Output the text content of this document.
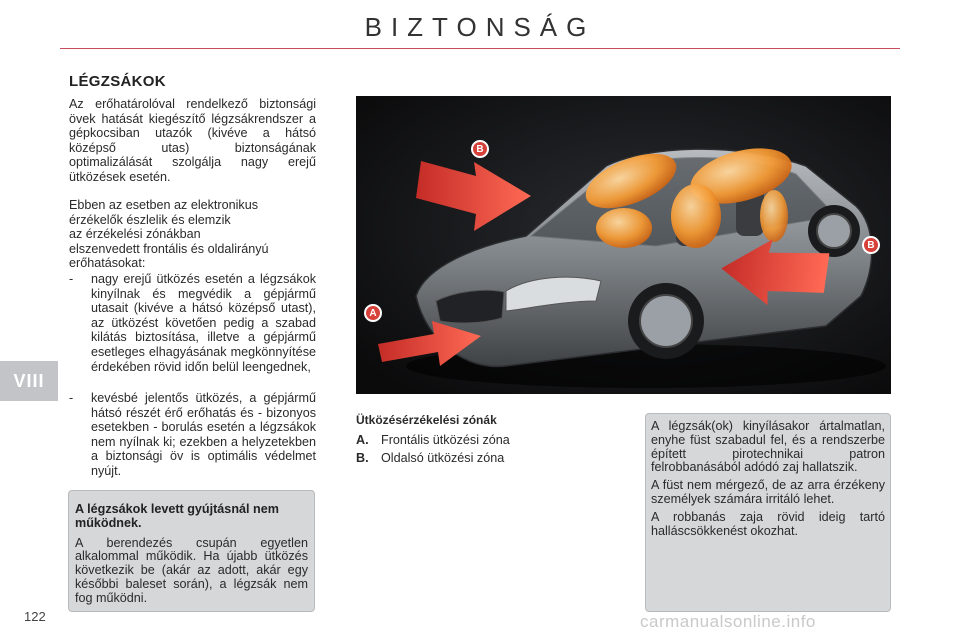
BIZTONSÁG
VIII
122
LÉGZSÁKOK

Az erőhatárolóval rendelkező biztonsági övek hatását kiegészítő légzsákrendszer a gépkocsiban utazók (kivéve a hátsó középső utas) biztonságának optimalizálását szolgálja nagy erejű ütközések esetén.

Ebben az esetben az elektronikus
érzékelők észlelik és elemzik
az érzékelési zónákban
elszenvedett frontális és oldalirányú
erőhatásokat:
- nagy erejű ütközés esetén a légzsákok kinyílnak és megvédik a gépjármű utasait (kivéve a hátsó középső utast), az ütközést követően pedig a szabad kilátás biztosítása, illetve a gépjármű esetleges elhagyásának megkönnyítése érdekében rövid időn belül leengednek,
- kevésbé jelentős ütközés, a gépjármű hátsó részét érő erőhatás és - bizonyos esetekben - borulás esetén a légzsákok nem nyílnak ki; ezekben a helyzetekben a biztonsági öv is optimális védelmet nyújt.
A légzsákok levett gyújtásnál nem működnek.
A berendezés csupán egyetlen alkalommal működik. Ha újabb ütközés következik be (akár az adott, akár egy későbbi baleset során), a légzsák nem fog működni.
B
B
A
Ütközésérzékelési zónák
A. Frontális ütközési zóna
B. Oldalsó ütközési zóna

A légzsák(ok) kinyílásakor ártalmatlan, enyhe füst szabadul fel, és a rendszerbe épített pirotechnikai patron felrobbanásából adódó zaj hallatszik.

A füst nem mérgező, de az arra érzékeny személyek számára irritáló lehet.

A robbanás zaja rövid ideig tartó halláscsökkenést okozhat.

carmanualsonline.info
